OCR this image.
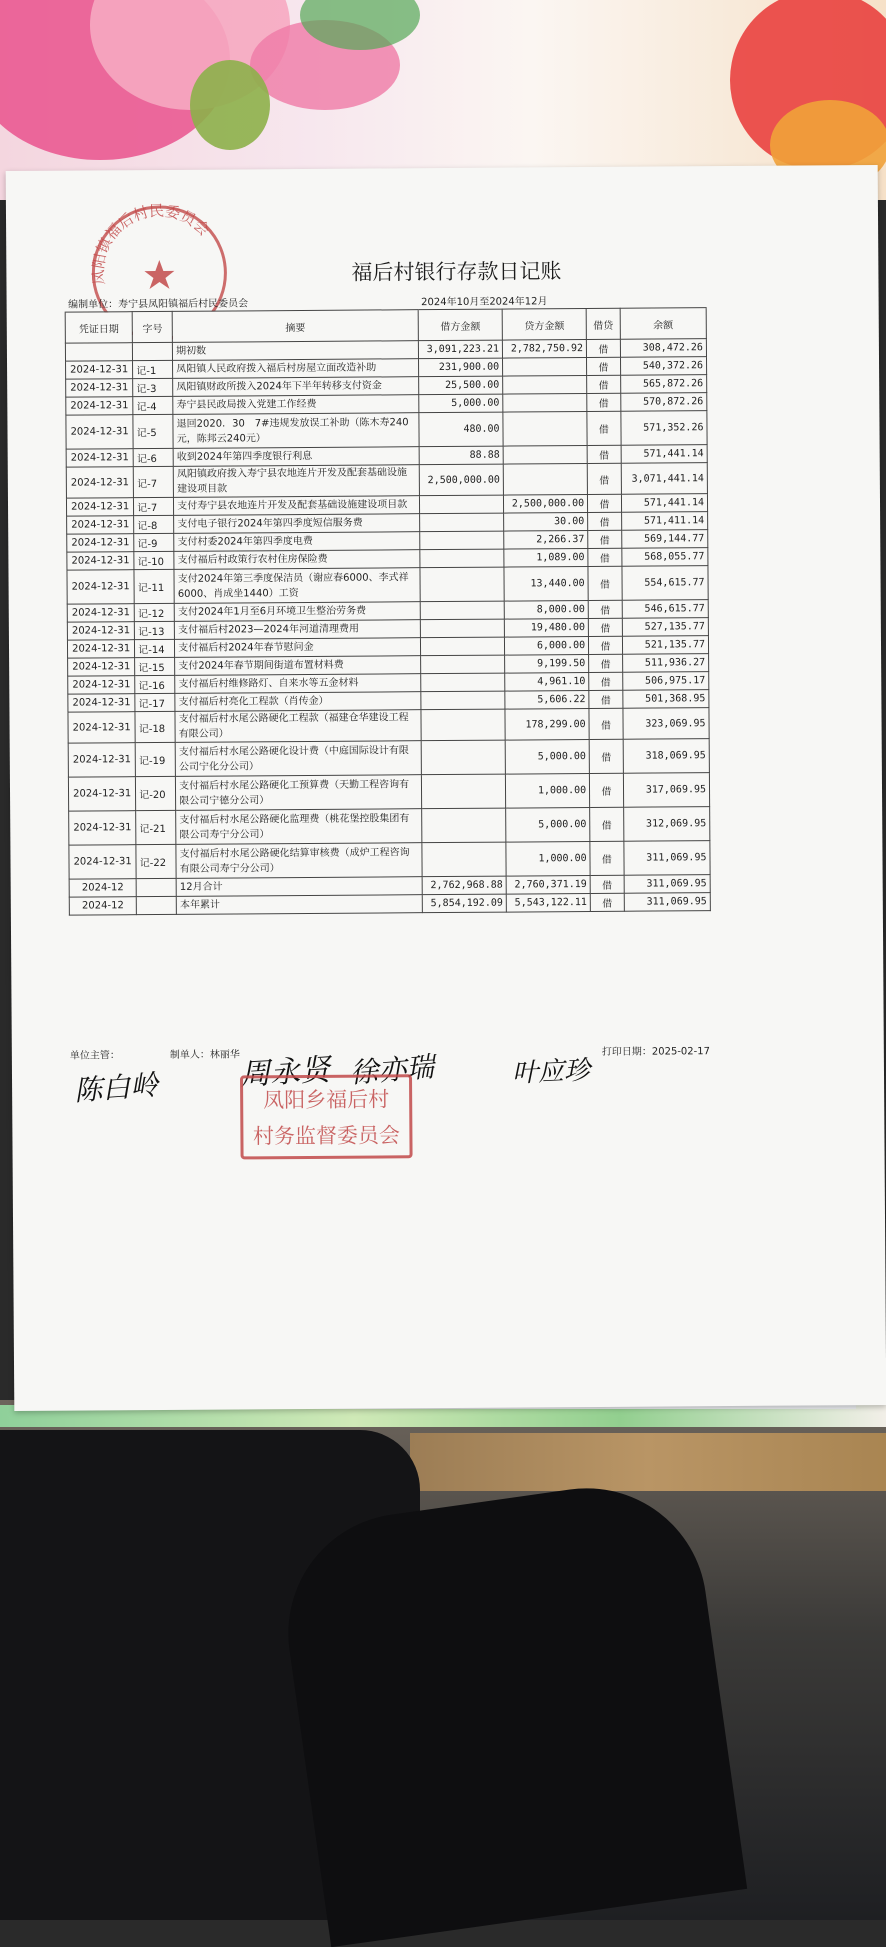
凤阳镇福后村民委员会
福后村银行存款日记账
编制单位：寿宁县凤阳镇福后村民委员会			2024年10月至2024年12月			
凭证日期	字号	摘要	借方金额	贷方金额	借贷	余额
		期初数	3,091,223.21	2,782,750.92	借	308,472.26
2024-12-31	记-1	凤阳镇人民政府拨入福后村房屋立面改造补助	231,900.00		借	540,372.26
2024-12-31	记-3	凤阳镇财政所拨入2024年下半年转移支付资金	25,500.00		借	565,872.26
2024-12-31	记-4	寿宁县民政局拨入党建工作经费	5,000.00		借	570,872.26
2024-12-31	记-5	退回2020．30　7#违规发放误工补助（陈木寿240元，陈邦云240元）	480.00		借	571,352.26
2024-12-31	记-6	收到2024年第四季度银行利息	88.88		借	571,441.14
2024-12-31	记-7	凤阳镇政府拨入寿宁县农地连片开发及配套基础设施建设项目款	2,500,000.00		借	3,071,441.14
2024-12-31	记-7	支付寿宁县农地连片开发及配套基础设施建设项目款		2,500,000.00	借	571,441.14
2024-12-31	记-8	支付电子银行2024年第四季度短信服务费		30.00	借	571,411.14
2024-12-31	记-9	支付村委2024年第四季度电费		2,266.37	借	569,144.77
2024-12-31	记-10	支付福后村政策行农村住房保险费		1,089.00	借	568,055.77
2024-12-31	记-11	支付2024年第三季度保洁员（谢应春6000、李式祥6000、肖成坐1440）工资		13,440.00	借	554,615.77
2024-12-31	记-12	支付2024年1月至6月环境卫生整治劳务费		8,000.00	借	546,615.77
2024-12-31	记-13	支付福后村2023—2024年河道清理费用		19,480.00	借	527,135.77
2024-12-31	记-14	支付福后村2024年春节慰问金		6,000.00	借	521,135.77
2024-12-31	记-15	支付2024年春节期间街道布置材料费		9,199.50	借	511,936.27
2024-12-31	记-16	支付福后村维修路灯、自来水等五金材料		4,961.10	借	506,975.17
2024-12-31	记-17	支付福后村亮化工程款（肖传金）		5,606.22	借	501,368.95
2024-12-31	记-18	支付福后村水尾公路硬化工程款（福建仓华建设工程有限公司）		178,299.00	借	323,069.95
2024-12-31	记-19	支付福后村水尾公路硬化设计费（中庭国际设计有限公司宁化分公司）		5,000.00	借	318,069.95
2024-12-31	记-20	支付福后村水尾公路硬化工预算费（天勤工程咨询有限公司宁德分公司）		1,000.00	借	317,069.95
2024-12-31	记-21	支付福后村水尾公路硬化监理费（桃花堡控股集团有限公司寿宁分公司）		5,000.00	借	312,069.95
2024-12-31	记-22	支付福后村水尾公路硬化结算审核费（成炉工程咨询有限公司寿宁分公司）		1,000.00	借	311,069.95
2024-12		12月合计	2,762,968.88	2,760,371.19	借	311,069.95
2024-12		本年累计	5,854,192.09	5,543,122.11	借	311,069.95
单位主管：	制单人：林丽华	打印日期：2025-02-17
陈白岭	周永贤 徐亦瑞	叶应珍
凤阳乡福后村
村务监督委员会
